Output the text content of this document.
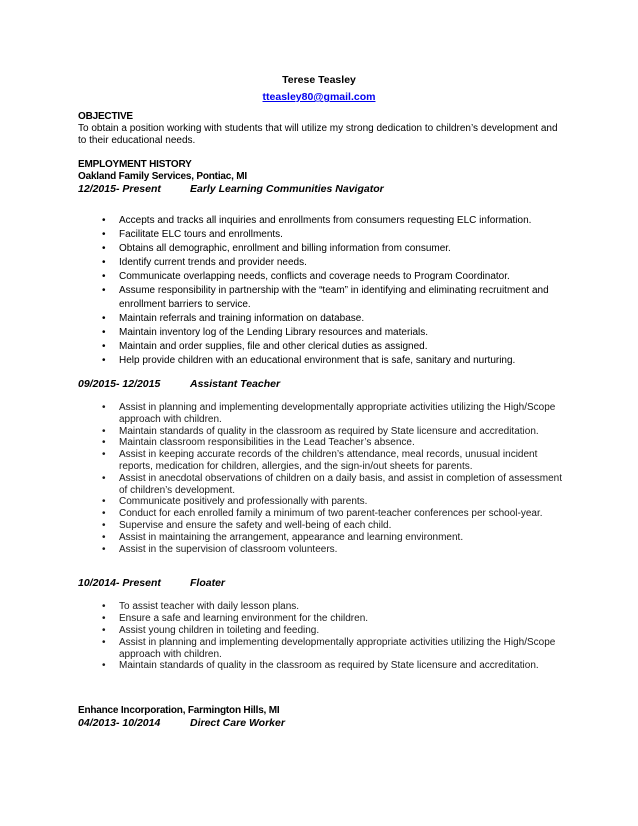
Terese Teasley
tteasley80@gmail.com
OBJECTIVE

To obtain a position working with students that will utilize my strong dedication to children’s development and to their educational needs.

EMPLOYMENT HISTORY
Oakland Family Services, Pontiac, MI
12/2015- Present	Early Learning Communities Navigator
• Accepts and tracks all inquiries and enrollments from consumers requesting ELC information.
• Facilitate ELC tours and enrollments.
• Obtains all demographic, enrollment and billing information from consumer.
• Identify current trends and provider needs.
• Communicate overlapping needs, conflicts and coverage needs to Program Coordinator.
• Assume responsibility in partnership with the “team” in identifying and eliminating recruitment and enrollment barriers to service.
• Maintain referrals and training information on database.
• Maintain inventory log of the Lending Library resources and materials.
• Maintain and order supplies, file and other clerical duties as assigned.
• Help provide children with an educational environment that is safe, sanitary and nurturing.
09/2015- 12/2015	Assistant Teacher
• Assist in planning and implementing developmentally appropriate activities utilizing the High/Scope approach with children.
• Maintain standards of quality in the classroom as required by State licensure and accreditation.
• Maintain classroom responsibilities in the Lead Teacher’s absence.
• Assist in keeping accurate records of the children’s attendance, meal records, unusual incident reports, medication for children, allergies, and the sign-in/out sheets for parents.
• Assist in anecdotal observations of children on a daily basis, and assist in completion of assessment of children’s development.
• Communicate positively and professionally with parents.
• Conduct for each enrolled family a minimum of two parent-teacher conferences per school-year.
• Supervise and ensure the safety and well-being of each child.
• Assist in maintaining the arrangement, appearance and learning environment.
• Assist in the supervision of classroom volunteers.
10/2014- Present	Floater
• To assist teacher with daily lesson plans.
• Ensure a safe and learning environment for the children.
• Assist young children in toileting and feeding.
• Assist in planning and implementing developmentally appropriate activities utilizing the High/Scope approach with children.
• Maintain standards of quality in the classroom as required by State licensure and accreditation.
Enhance Incorporation, Farmington Hills, MI
04/2013- 10/2014	Direct Care Worker
